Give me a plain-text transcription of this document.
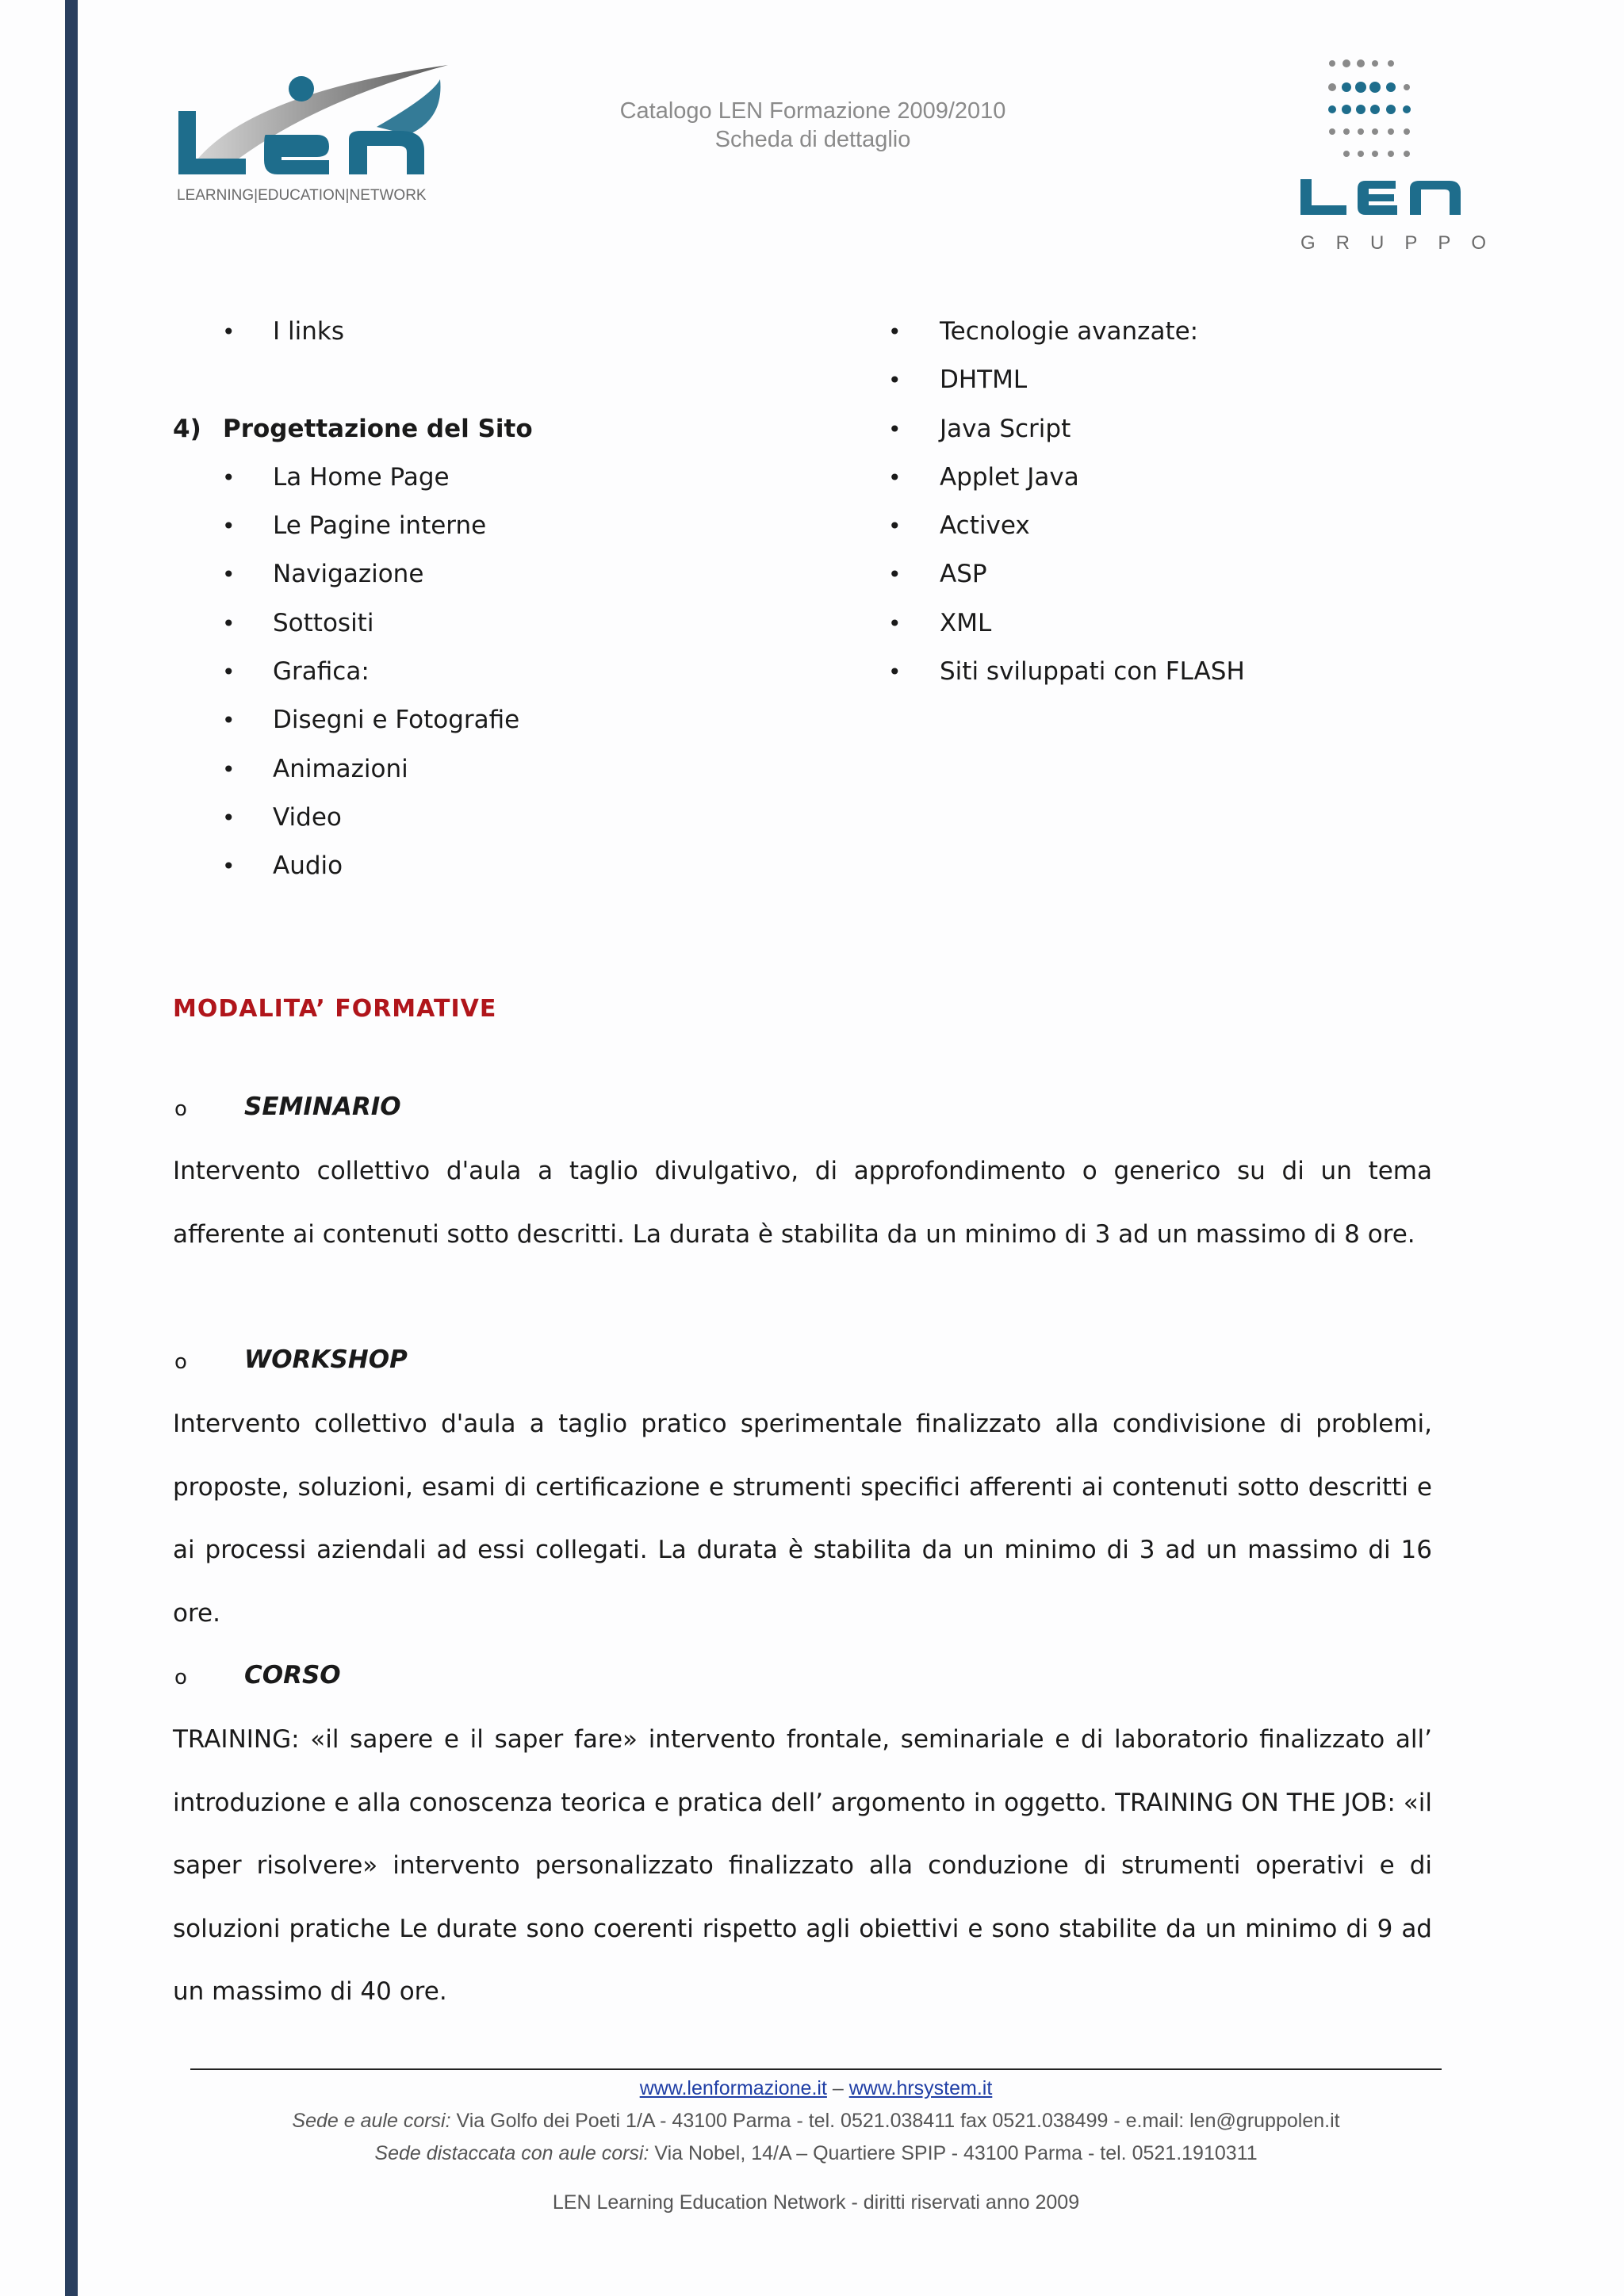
LEARNING|EDUCATION|NETWORK
Catalogo LEN Formazione 2009/2010
Scheda di dettaglio
GRUPPO
• I links
4) Progettazione del Sito
• La Home Page
• Le Pagine interne
• Navigazione
• Sottositi
• Grafica:
• Disegni e Fotografie
• Animazioni
• Video
• Audio
• Tecnologie avanzate:
• DHTML
• Java Script
• Applet Java
• Activex
• ASP
• XML
• Siti sviluppati con FLASH
MODALITA’ FORMATIVE
o SEMINARIO
Intervento collettivo d'aula a taglio divulgativo, di approfondimento o generico su di un tema afferente ai contenuti sotto descritti. La durata è stabilita da un minimo di 3 ad un massimo di 8 ore.
o WORKSHOP
Intervento collettivo d'aula a taglio pratico sperimentale finalizzato alla condivisione di problemi, proposte, soluzioni, esami di certificazione e strumenti specifici afferenti ai contenuti sotto descritti e ai processi aziendali ad essi collegati. La durata è stabilita da un minimo di 3 ad un massimo di 16 ore.
o CORSO
TRAINING: «il sapere e il saper fare» intervento frontale, seminariale e di laboratorio finalizzato all’ introduzione e alla conoscenza teorica e pratica dell’ argomento in oggetto. TRAINING ON THE JOB: «il saper risolvere» intervento personalizzato finalizzato alla conduzione di strumenti operativi e di soluzioni pratiche Le durate sono coerenti rispetto agli obiettivi e sono stabilite da un minimo di 9 ad un massimo di 40 ore.
www.lenformazione.it – www.hrsystem.it
Sede e aule corsi: Via Golfo dei Poeti 1/A - 43100 Parma - tel. 0521.038411 fax 0521.038499 - e.mail: len@gruppolen.it
Sede distaccata con aule corsi: Via Nobel, 14/A – Quartiere SPIP - 43100 Parma - tel. 0521.1910311
LEN Learning Education Network - diritti riservati anno 2009
